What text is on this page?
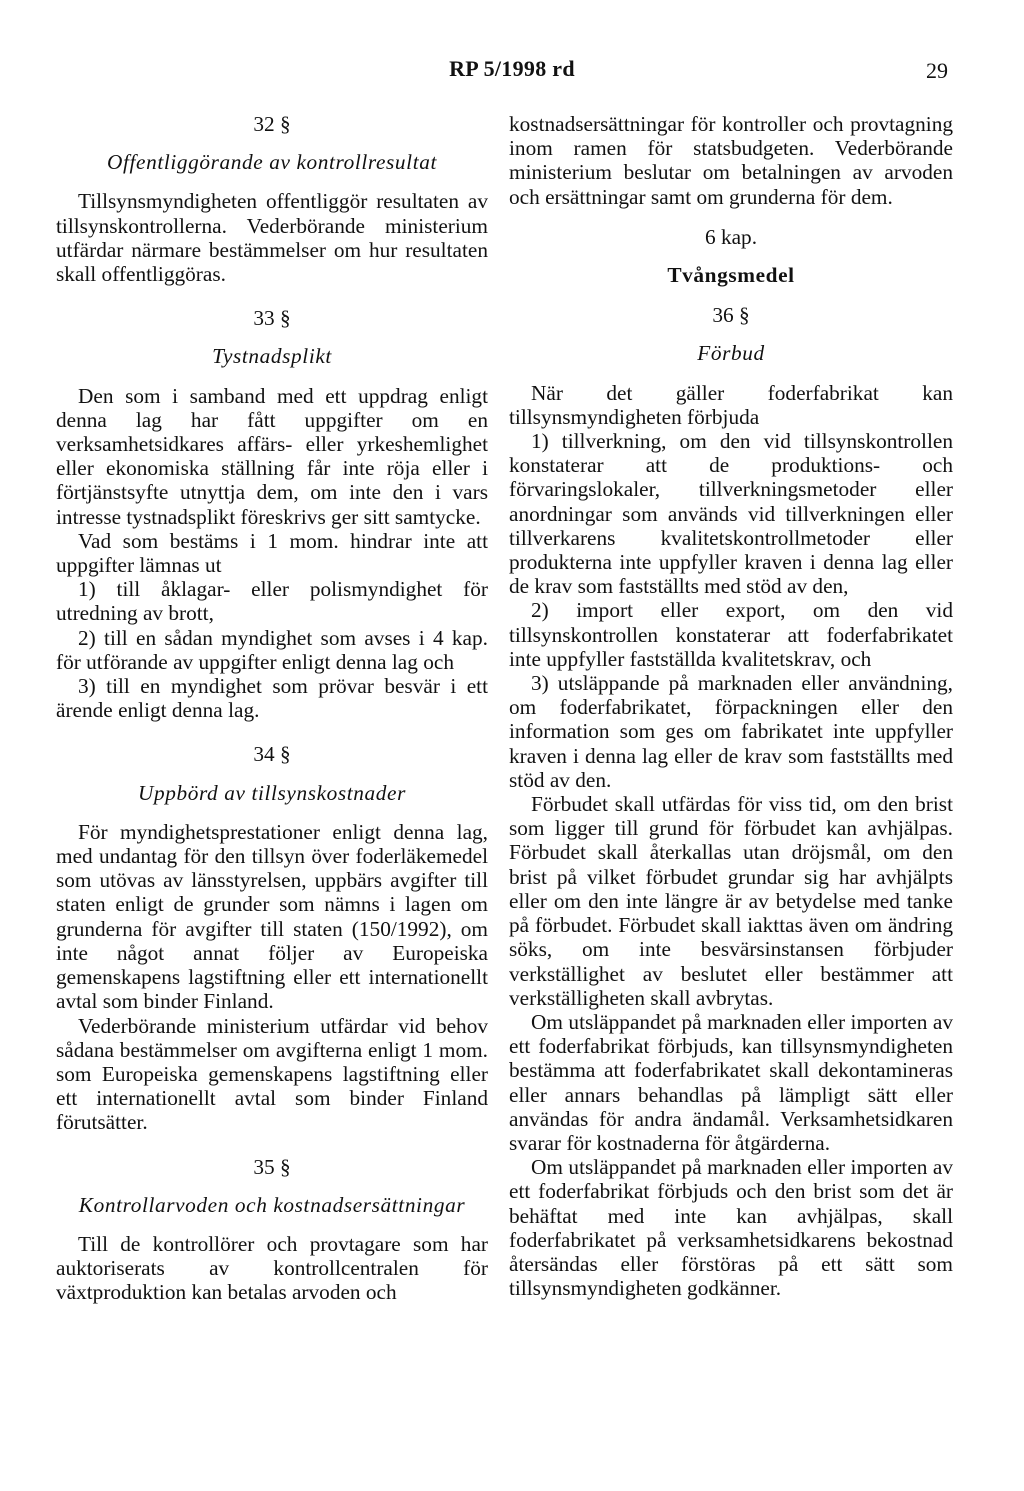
RP 5/1998 rd	29
32 §
Offentliggörande av kontrollresultat

Tillsynsmyndigheten offentliggör resultaten av tillsynskontrollerna. Vederbörande ministerium utfärdar närmare bestämmelser om hur resultaten skall offentliggöras.

33 §
Tystnadsplikt

Den som i samband med ett uppdrag enligt denna lag har fått uppgifter om en verksamhetsidkares affärs- eller yrkeshemlighet eller ekonomiska ställning får inte röja eller i förtjänstsyfte utnyttja dem, om inte den i vars intresse tystnadsplikt föreskrivs ger sitt samtycke.

Vad som bestäms i 1 mom. hindrar inte att uppgifter lämnas ut

1) till åklagar- eller polismyndighet för utredning av brott,

2) till en sådan myndighet som avses i 4 kap. för utförande av uppgifter enligt denna lag och

3) till en myndighet som prövar besvär i ett ärende enligt denna lag.

34 §
Uppbörd av tillsynskostnader

För myndighetsprestationer enligt denna lag, med undantag för den tillsyn över foderläkemedel som utövas av länsstyrelsen, uppbärs avgifter till staten enligt de grunder som nämns i lagen om grunderna för avgifter till staten (150/1992), om inte något annat följer av Europeiska gemenskapens lagstiftning eller ett internationellt avtal som binder Finland.

Vederbörande ministerium utfärdar vid behov sådana bestämmelser om avgifterna enligt 1 mom. som Europeiska gemenskapens lagstiftning eller ett internationellt avtal som binder Finland förutsätter.

35 §
Kontrollarvoden och kostnadsersättningar

Till de kontrollörer och provtagare som har auktoriserats av kontrollcentralen för växtproduktion kan betalas arvoden och

kostnadsersättningar för kontroller och provtagning inom ramen för statsbudgeten. Vederbörande ministerium beslutar om betalningen av arvoden och ersättningar samt om grunderna för dem.

6 kap.
Tvångsmedel
36 §
Förbud

När det gäller foderfabrikat kan tillsynsmyndigheten förbjuda

1) tillverkning, om den vid tillsynskontrollen konstaterar att de produktions- och förvaringslokaler, tillverkningsmetoder eller anordningar som används vid tillverkningen eller tillverkarens kvalitetskontrollmetoder eller produkterna inte uppfyller kraven i denna lag eller de krav som fastställts med stöd av den,

2) import eller export, om den vid tillsynskontrollen konstaterar att foderfabrikatet inte uppfyller fastställda kvalitetskrav, och

3) utsläppande på marknaden eller användning, om foderfabrikatet, förpackningen eller den information som ges om fabrikatet inte uppfyller kraven i denna lag eller de krav som fastställts med stöd av den.

Förbudet skall utfärdas för viss tid, om den brist som ligger till grund för förbudet kan avhjälpas. Förbudet skall återkallas utan dröjsmål, om den brist på vilket förbudet grundar sig har avhjälpts eller om den inte längre är av betydelse med tanke på förbudet. Förbudet skall iakttas även om ändring söks, om inte besvärsinstansen förbjuder verkställighet av beslutet eller bestämmer att verkställigheten skall avbrytas.

Om utsläppandet på marknaden eller importen av ett foderfabrikat förbjuds, kan tillsynsmyndigheten bestämma att foderfabrikatet skall dekontamineras eller annars behandlas på lämpligt sätt eller användas för andra ändamål. Verksamhetsidkaren svarar för kostnaderna för åtgärderna.

Om utsläppandet på marknaden eller importen av ett foderfabrikat förbjuds och den brist som det är behäftat med inte kan avhjälpas, skall foderfabrikatet på verksamhetsidkarens bekostnad återsändas eller förstöras på ett sätt som tillsynsmyndigheten godkänner.
